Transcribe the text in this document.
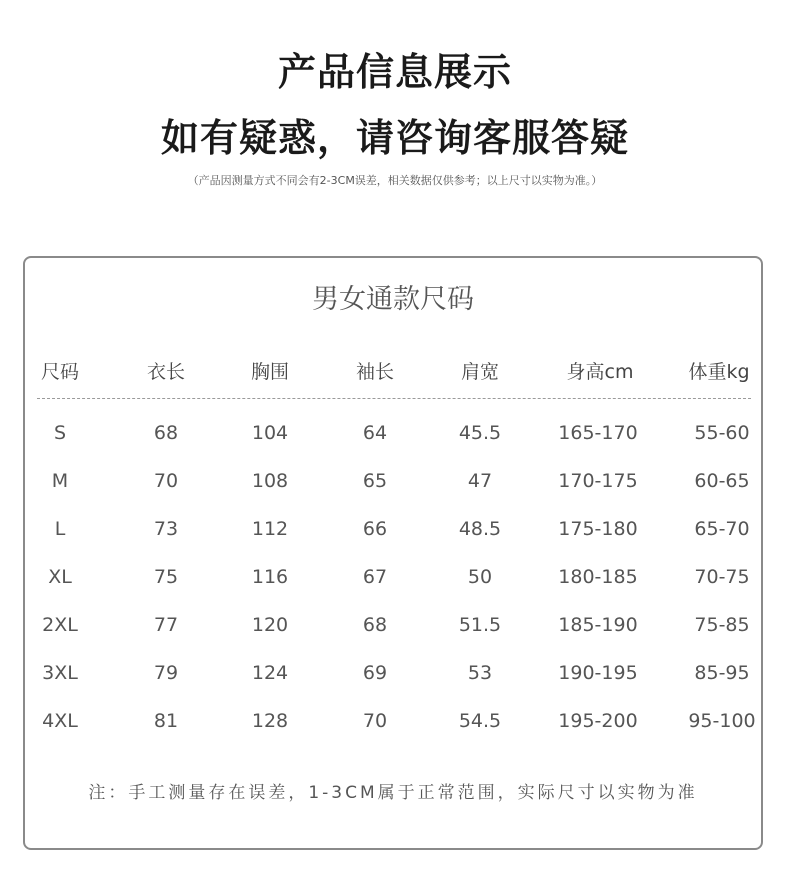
产品信息展示
如有疑惑，请咨询客服答疑
（产品因测量方式不同会有2-3CM误差，相关数据仅供参考；以上尺寸以实物为准。）
男女通款尺码
尺码	衣长	胸围	袖长	肩宽	身高cm	体重kg
S	68	104	64	45.5	165-170	55-60
M	70	108	65	47	170-175	60-65
L	73	112	66	48.5	175-180	65-70
XL	75	116	67	50	180-185	70-75
2XL	77	120	68	51.5	185-190	75-85
3XL	79	124	69	53	190-195	85-95
4XL	81	128	70	54.5	195-200	95-100
注：手工测量存在误差，1-3CM属于正常范围，实际尺寸以实物为准
